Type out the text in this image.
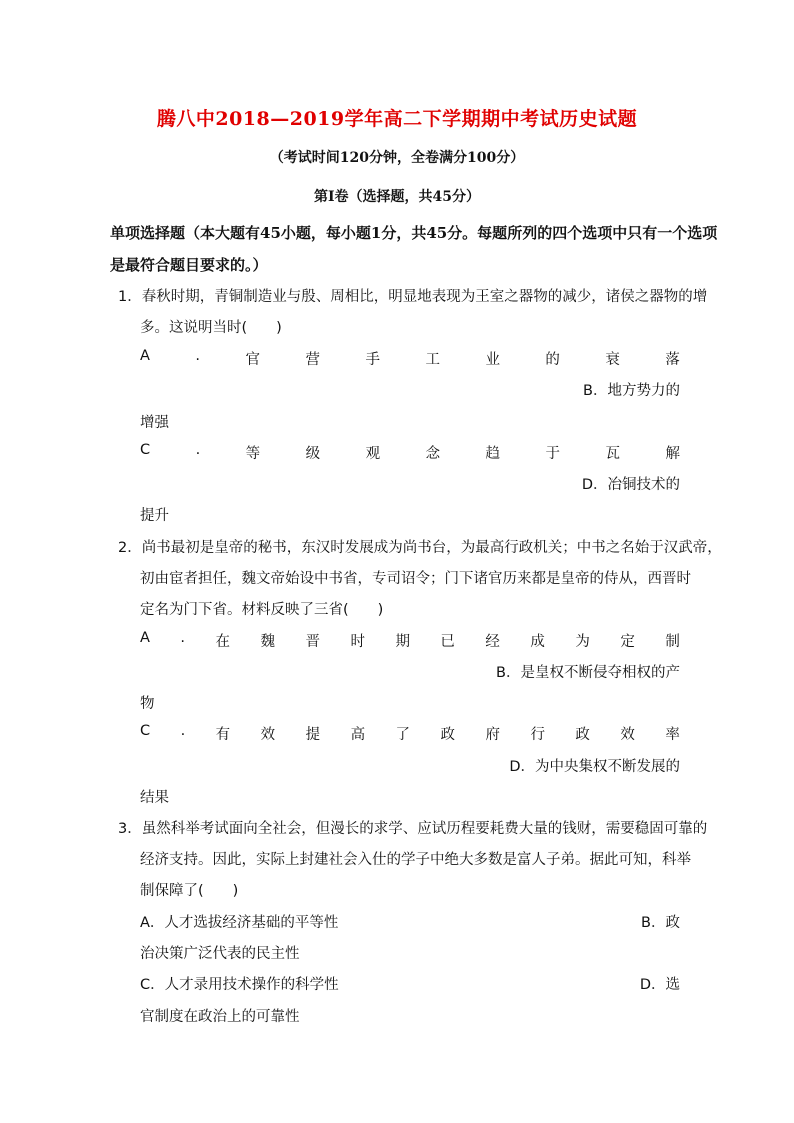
腾八中2018—2019学年高二下学期期中考试历史试题
（考试时间120分钟，全卷满分100分）
第Ⅰ卷（选择题，共45分）
单项选择题（本大题有45小题，每小题1分，共45分。每题所列的四个选项中只有一个选项
是最符合题目要求的。）
1．春秋时期，青铜制造业与殷、周相比，明显地表现为王室之器物的减少，诸侯之器物的增
多。这说明当时(　　)
A	.	官	营	手	工	业	的	衰	落
B．地方势力的
增强
C	.	等	级	观	念	趋	于	瓦	解
D．冶铜技术的
提升
2．尚书最初是皇帝的秘书，东汉时发展成为尚书台，为最高行政机关；中书之名始于汉武帝，
初由宦者担任，魏文帝始设中书省，专司诏令；门下诸官历来都是皇帝的侍从，西晋时
定名为门下省。材料反映了三省(　　)
A . 在 魏 晋 时 期 已 经 成 为 定 制
B．是皇权不断侵夺相权的产
物
C . 有 效 提 高 了 政 府 行 政 效 率
D．为中央集权不断发展的
结果
3．虽然科举考试面向全社会，但漫长的求学、应试历程要耗费大量的钱财，需要稳固可靠的
经济支持。因此，实际上封建社会入仕的学子中绝大多数是富人子弟。据此可知，科举
制保障了(　　)
A．人才选拔经济基础的平等性	B．政
治决策广泛代表的民主性
C．人才录用技术操作的科学性	D．选
官制度在政治上的可靠性
